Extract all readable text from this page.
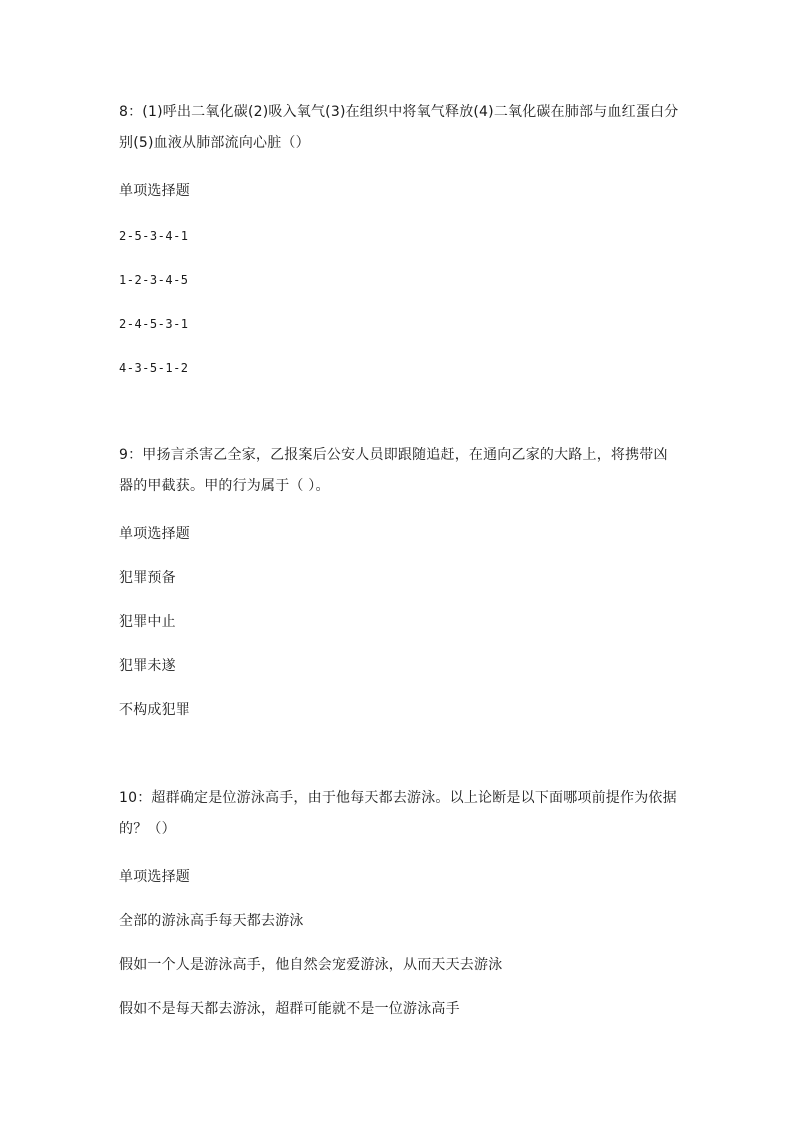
8：(1)呼出二氧化碳(2)吸入氧气(3)在组织中将氧气释放(4)二氧化碳在肺部与血红蛋白分别(5)血液从肺部流向心脏（）

单项选择题

2-5-3-4-1

1-2-3-4-5

2-4-5-3-1

4-3-5-1-2

9：甲扬言杀害乙全家，乙报案后公安人员即跟随追赶，在通向乙家的大路上，将携带凶器的甲截获。甲的行为属于（ ）。

单项选择题

犯罪预备

犯罪中止

犯罪未遂

不构成犯罪

10：超群确定是位游泳高手，由于他每天都去游泳。以上论断是以下面哪项前提作为依据的？（）

单项选择题

全部的游泳高手每天都去游泳

假如一个人是游泳高手，他自然会宠爱游泳，从而天天去游泳

假如不是每天都去游泳，超群可能就不是一位游泳高手
